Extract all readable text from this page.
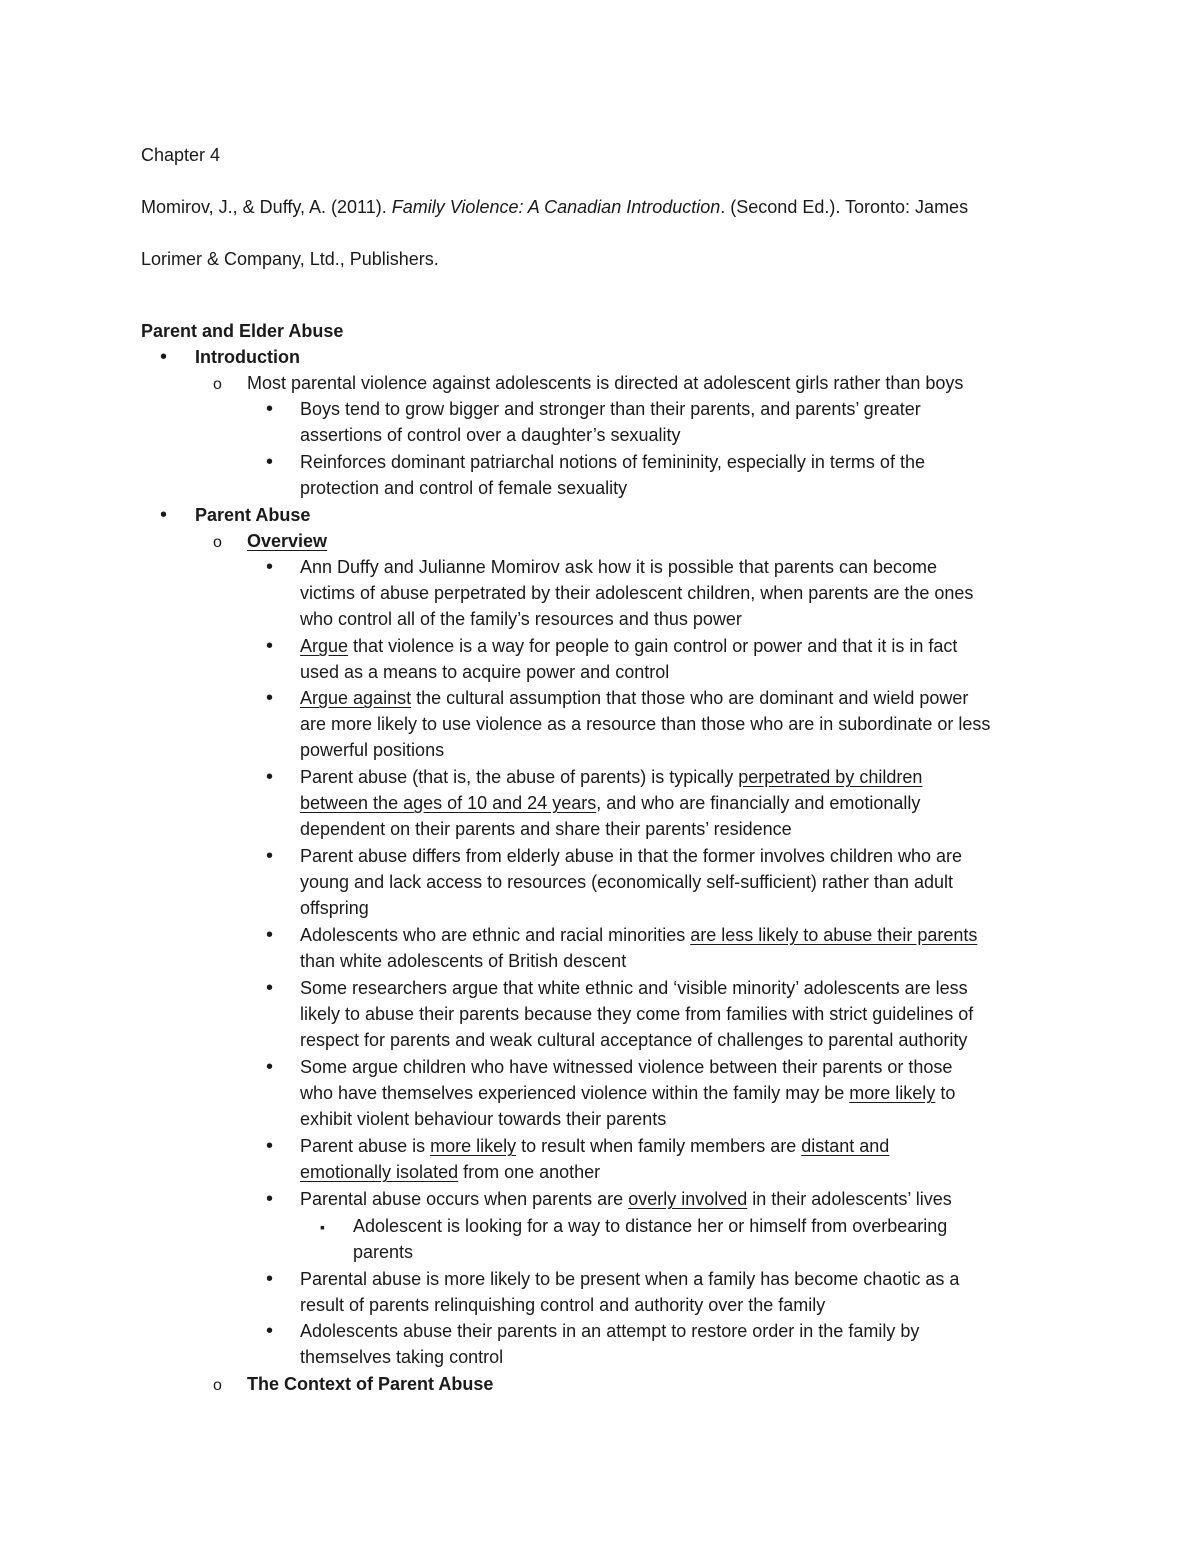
Chapter 4
Momirov, J., & Duffy, A. (2011). Family Violence: A Canadian Introduction. (Second Ed.). Toronto: James
Lorimer & Company, Ltd., Publishers.
Parent and Elder Abuse
•
Introduction
o
Most parental violence against adolescents is directed at adolescent girls rather than boys
•
Boys tend to grow bigger and stronger than their parents, and parents’ greater
assertions of control over a daughter’s sexuality
•
Reinforces dominant patriarchal notions of femininity, especially in terms of the
protection and control of female sexuality
•
Parent Abuse
o
Overview
•
Ann Duffy and Julianne Momirov ask how it is possible that parents can become
victims of abuse perpetrated by their adolescent children, when parents are the ones
who control all of the family’s resources and thus power
•
Argue that violence is a way for people to gain control or power and that it is in fact
used as a means to acquire power and control
•
Argue against the cultural assumption that those who are dominant and wield power
are more likely to use violence as a resource than those who are in subordinate or less
powerful positions
•
Parent abuse (that is, the abuse of parents) is typically perpetrated by children
between the ages of 10 and 24 years, and who are financially and emotionally
dependent on their parents and share their parents’ residence
•
Parent abuse differs from elderly abuse in that the former involves children who are
young and lack access to resources (economically self-sufficient) rather than adult
offspring
•
Adolescents who are ethnic and racial minorities are less likely to abuse their parents
than white adolescents of British descent
•
Some researchers argue that white ethnic and ‘visible minority’ adolescents are less
likely to abuse their parents because they come from families with strict guidelines of
respect for parents and weak cultural acceptance of challenges to parental authority
•
Some argue children who have witnessed violence between their parents or those
who have themselves experienced violence within the family may be more likely to
exhibit violent behaviour towards their parents
•
Parent abuse is more likely to result when family members are distant and
emotionally isolated from one another
•
Parental abuse occurs when parents are overly involved in their adolescents’ lives
▪
Adolescent is looking for a way to distance her or himself from overbearing
parents
•
Parental abuse is more likely to be present when a family has become chaotic as a
result of parents relinquishing control and authority over the family
•
Adolescents abuse their parents in an attempt to restore order in the family by
themselves taking control
o
The Context of Parent Abuse
